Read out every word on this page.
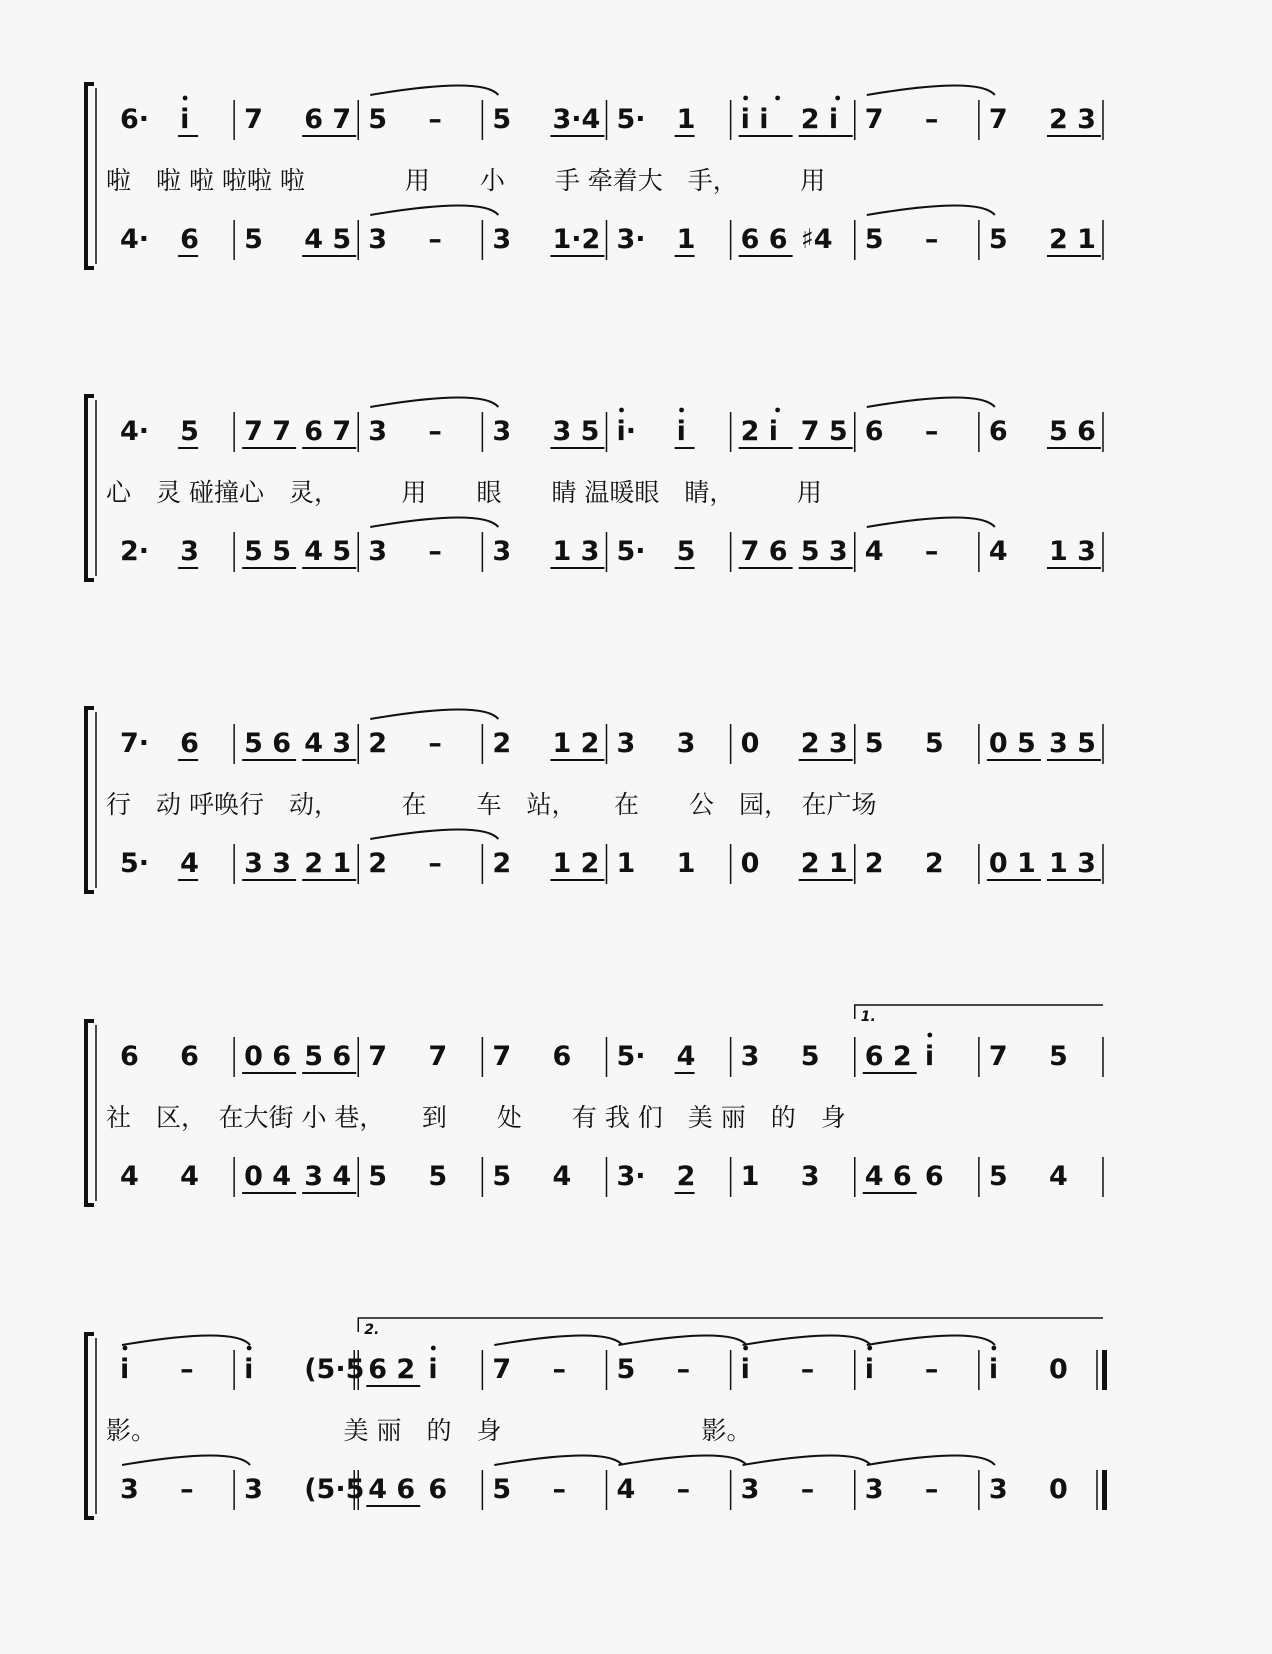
6· i 7 6 7 5 – 5 3·4 5· 1 i i 2 i 7 – 7 2 3
4· 6 5 4 5 3 – 3 1·2 3· 1 6 6 ♯4 5 – 5 2 1
啦　啦 啦 啦啦 啦　　　　用　　小　　手 牵着大　手，　　　用
4· 5 7 7 6 7 3 – 3 3 5 i· i 2 i 7 5 6 – 6 5 6
2· 3 5 5 4 5 3 – 3 1 3 5· 5 7 6 5 3 4 – 4 1 3
心　灵 碰撞心　灵，　　　用　　眼　　睛 温暖眼　睛，　　　用
7· 6 5 6 4 3 2 – 2 1 2 3 3 0 2 3 5 5 0 5 3 5
5· 4 3 3 2 1 2 – 2 1 2 1 1 0 2 1 2 2 0 1 1 3
行　动 呼唤行　动，　　　在　　车　站，　　在　　公　园，　在广场
1.
6 6 0 6 5 6 7 7 7 6 5· 4 3 5 6 2 i 7 5
4 4 0 4 3 4 5 5 5 4 3· 2 1 3 4 6 6 5 4
社　区，　在大街 小 巷，　　到　　处　　有 我 们　美 丽　的　身
2.
i – i (5·5 6 2 i 7 – 5 – i – i – i 0
3 – 3 (5·5 4 6 6 5 – 4 – 3 – 3 – 3 0
影。　　　　　　　　美 丽　的　身　　　　　　　　影。
